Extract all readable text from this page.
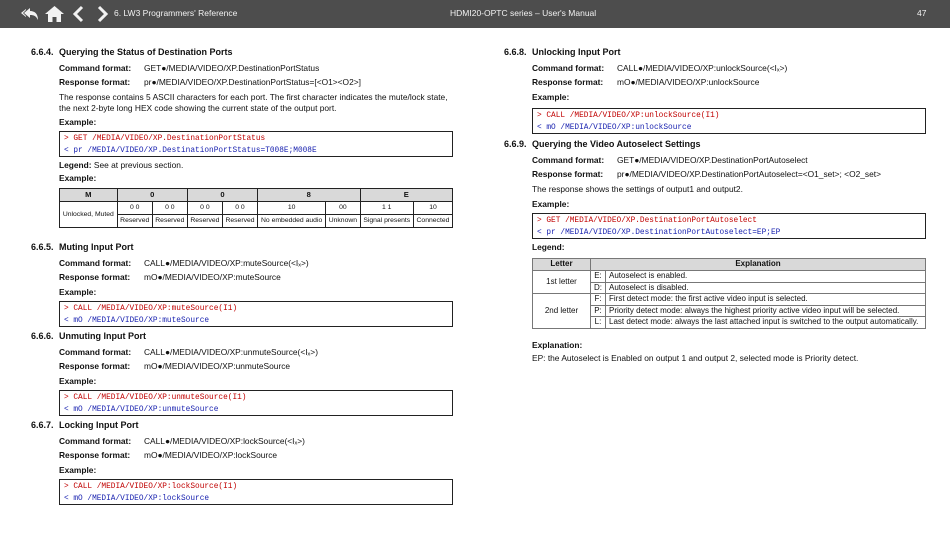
6. LW3 Programmers' Reference	HDMI20-OPTC series – User's Manual	47
6.6.4. Querying the Status of Destination Ports
Command format: GET●/MEDIA/VIDEO/XP.DestinationPortStatus
Response format: pr●/MEDIA/VIDEO/XP.DestinationPortStatus=[<O1><O2>]
The response contains 5 ASCII characters for each port. The first character indicates the mute/lock state, the next 2-byte long HEX code showing the current state of the output port.
Example:
> GET /MEDIA/VIDEO/XP.DestinationPortStatus
< pr /MEDIA/VIDEO/XP.DestinationPortStatus=T008E;M008E
Legend: See at previous section.
Example:
M	0		0		8		E	
Unlocked, Muted	0 0	0 0	0 0	0 0	10	00	1 1	10
	Reserved	Reserved	Reserved	Reserved	No embedded audio	Unknown	Signal presents	Connected
6.6.5. Muting Input Port
Command format: CALL●/MEDIA/VIDEO/XP:muteSource(<Iₓ>)
Response format: mO●/MEDIA/VIDEO/XP:muteSource
Example:
> CALL /MEDIA/VIDEO/XP:muteSource(I1)
< mO /MEDIA/VIDEO/XP:muteSource
6.6.6. Unmuting Input Port
Command format: CALL●/MEDIA/VIDEO/XP:unmuteSource(<Iₓ>)
Response format: mO●/MEDIA/VIDEO/XP:unmuteSource
Example:
> CALL /MEDIA/VIDEO/XP:unmuteSource(I1)
< mO /MEDIA/VIDEO/XP:unmuteSource
6.6.7. Locking Input Port
Command format: CALL●/MEDIA/VIDEO/XP:lockSource(<Iₓ>)
Response format: mO●/MEDIA/VIDEO/XP:lockSource
Example:
> CALL /MEDIA/VIDEO/XP:lockSource(I1)
< mO /MEDIA/VIDEO/XP:lockSource
6.6.8. Unlocking Input Port
Command format: CALL●/MEDIA/VIDEO/XP:unlockSource(<Iₓ>)
Response format: mO●/MEDIA/VIDEO/XP:unlockSource
Example:
> CALL /MEDIA/VIDEO/XP:unlockSource(I1)
< mO /MEDIA/VIDEO/XP:unlockSource
6.6.9. Querying the Video Autoselect Settings
Command format: GET●/MEDIA/VIDEO/XP.DestinationPortAutoselect
Response format: pr●/MEDIA/VIDEO/XP.DestinationPortAutoselect=<O1_set>; <O2_set>
The response shows the settings of output1 and output2.
Example:
> GET /MEDIA/VIDEO/XP.DestinationPortAutoselect
< pr /MEDIA/VIDEO/XP.DestinationPortAutoselect=EP;EP
Legend:
Letter	Explanation	
1st letter	E:	Autoselect is enabled.
	D:	Autoselect is disabled.
2nd letter	F:	First detect mode: the first active video input is selected.
	P:	Priority detect mode: always the highest priority active video input will be selected.
	L:	Last detect mode: always the last attached input is switched to the output automatically.
Explanation:
EP: the Autoselect is Enabled on output 1 and output 2, selected mode is Priority detect.
